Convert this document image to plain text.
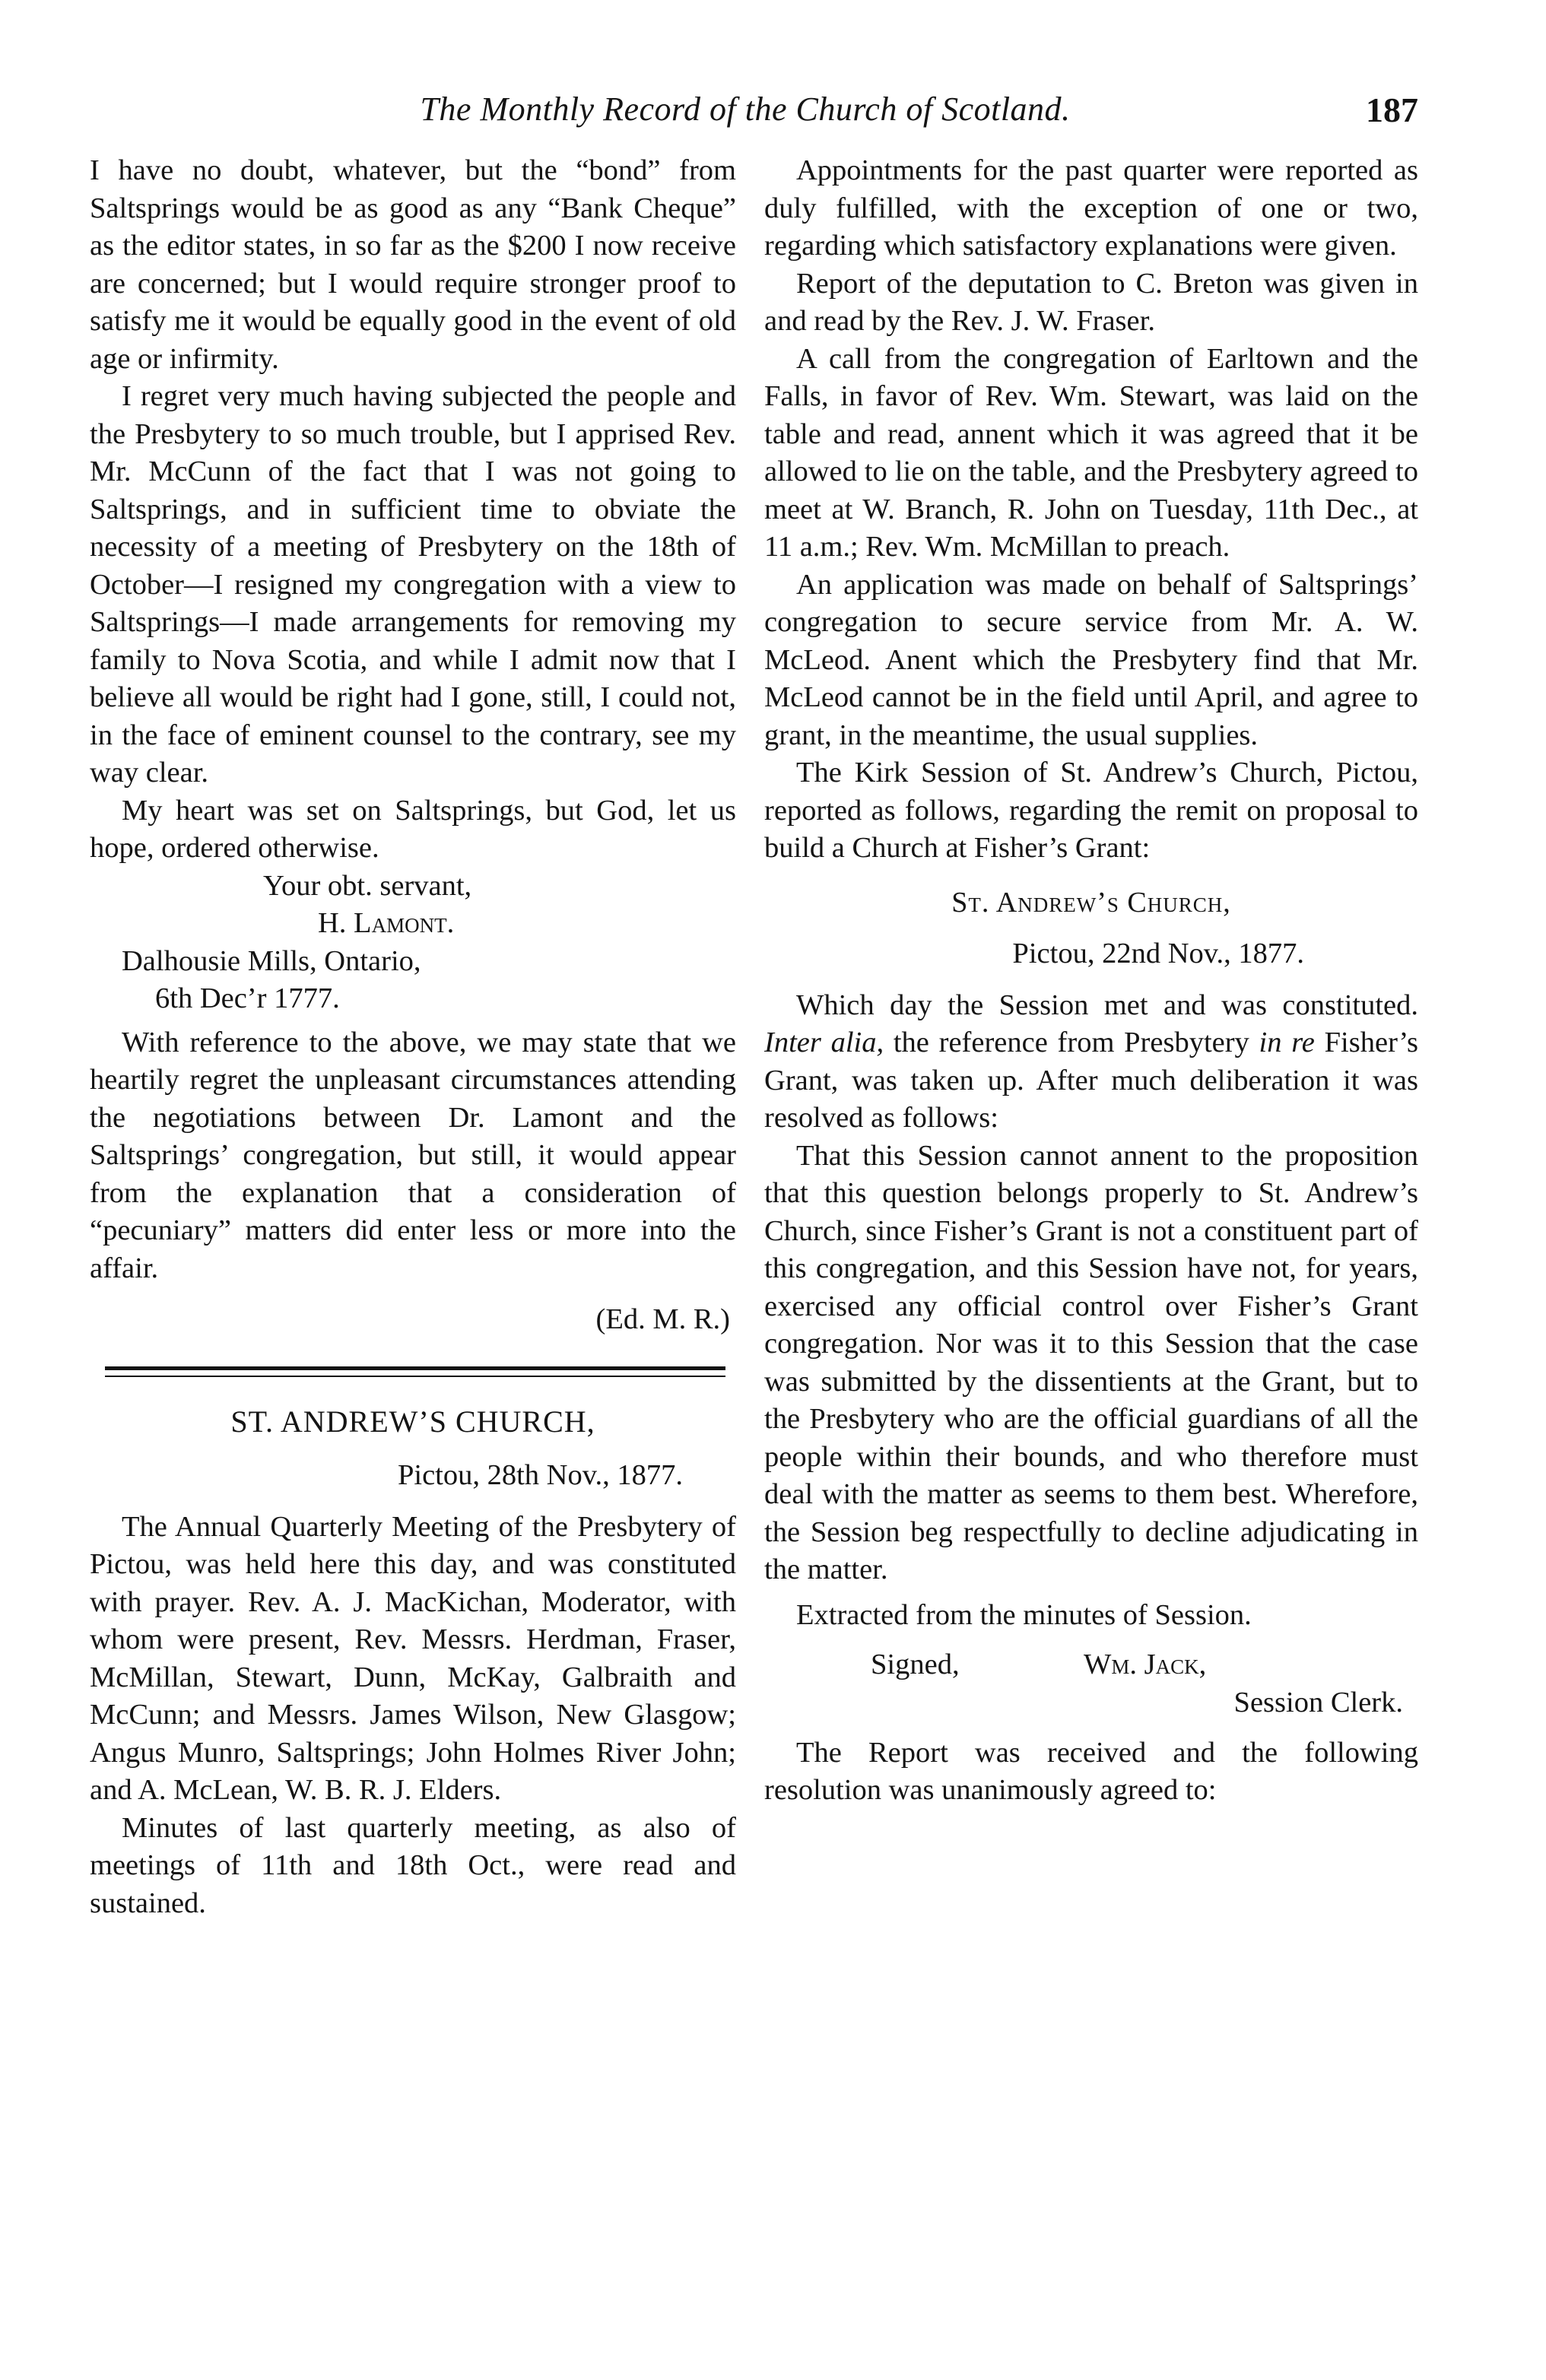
The Monthly Record of the Church of Scotland.	187

I have no doubt, whatever, but the “bond” from Saltsprings would be as good as any “Bank Cheque” as the editor states, in so far as the $200 I now receive are concerned; but I would require stronger proof to satisfy me it would be equally good in the event of old age or infirmity.

I regret very much having subjected the people and the Presbytery to so much trouble, but I apprised Rev. Mr. McCunn of the fact that I was not going to Saltsprings, and in sufficient time to obviate the necessity of a meeting of Presbytery on the 18th of October—I resigned my congregation with a view to Saltsprings—I made arrangements for removing my family to Nova Scotia, and while I admit now that I believe all would be right had I gone, still, I could not, in the face of eminent counsel to the contrary, see my way clear.

My heart was set on Saltsprings, but God, let us hope, ordered otherwise.

Your obt. servant,
H. Lamont.
Dalhousie Mills, Ontario,
6th Dec’r 1777.

With reference to the above, we may state that we heartily regret the unpleasant circumstances attending the negotiations between Dr. Lamont and the Saltsprings’ congregation, but still, it would appear from the explanation that a consideration of “pecuniary” matters did enter less or more into the affair.

(Ed. M. R.)
ST. ANDREW’S CHURCH,
Pictou, 28th Nov., 1877.

The Annual Quarterly Meeting of the Presbytery of Pictou, was held here this day, and was constituted with prayer. Rev. A. J. MacKichan, Moderator, with whom were present, Rev. Messrs. Herdman, Fraser, McMillan, Stewart, Dunn, McKay, Galbraith and McCunn; and Messrs. James Wilson, New Glasgow; Angus Munro, Saltsprings; John Holmes River John; and A. McLean, W. B. R. J. Elders.

Minutes of last quarterly meeting, as also of meetings of 11th and 18th Oct., were read and sustained.

Appointments for the past quarter were reported as duly fulfilled, with the exception of one or two, regarding which satisfactory explanations were given.

Report of the deputation to C. Breton was given in and read by the Rev. J. W. Fraser.

A call from the congregation of Earltown and the Falls, in favor of Rev. Wm. Stewart, was laid on the table and read, annent which it was agreed that it be allowed to lie on the table, and the Presbytery agreed to meet at W. Branch, R. John on Tuesday, 11th Dec., at 11 a.m.; Rev. Wm. McMillan to preach.

An application was made on behalf of Saltsprings’ congregation to secure service from Mr. A. W. McLeod. Anent which the Presbytery find that Mr. McLeod cannot be in the field until April, and agree to grant, in the meantime, the usual supplies.

The Kirk Session of St. Andrew’s Church, Pictou, reported as follows, regarding the remit on proposal to build a Church at Fisher’s Grant:

St. Andrew’s Church,
Pictou, 22nd Nov., 1877.

Which day the Session met and was constituted. Inter alia, the reference from Presbytery in re Fisher’s Grant, was taken up. After much deliberation it was resolved as follows:

That this Session cannot annent to the proposition that this question belongs properly to St. Andrew’s Church, since Fisher’s Grant is not a constituent part of this congregation, and this Session have not, for years, exercised any official control over Fisher’s Grant congregation. Nor was it to this Session that the case was submitted by the dissentients at the Grant, but to the Presbytery who are the official guardians of all the people within their bounds, and who therefore must deal with the matter as seems to them best. Wherefore, the Session beg respectfully to decline adjudicating in the matter.

Extracted from the minutes of Session.

Signed,	Wm. Jack,
Session Clerk.

The Report was received and the following resolution was unanimously agreed to:
